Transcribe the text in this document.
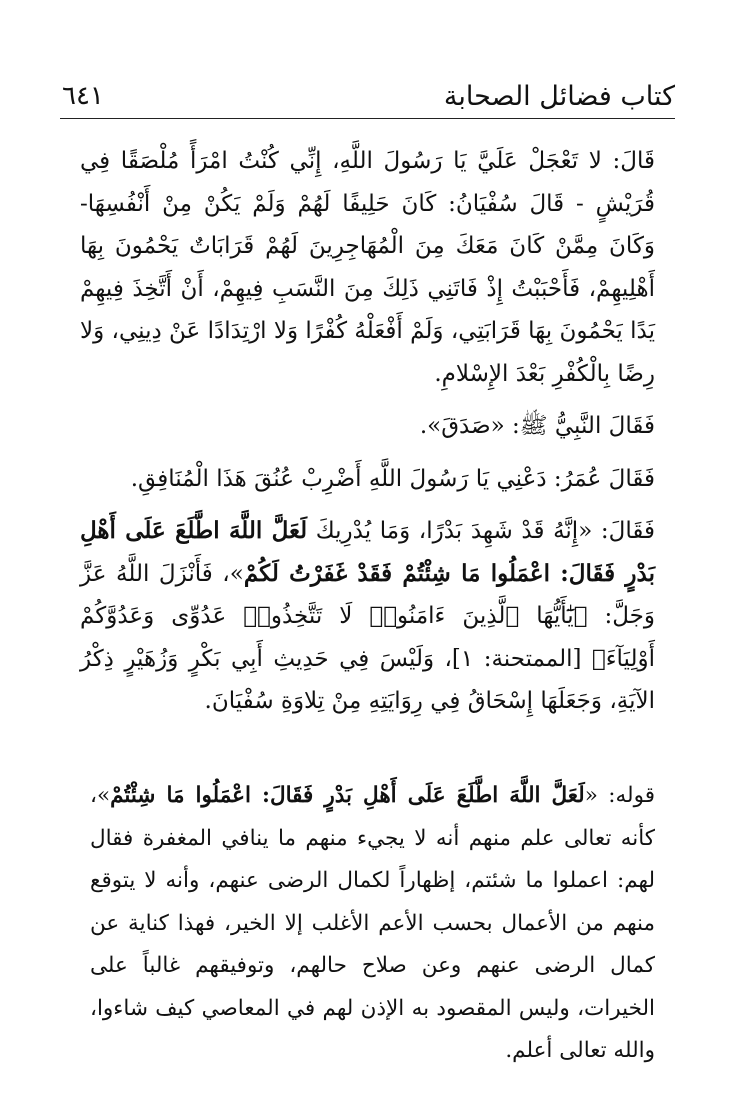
كتاب فضائل الصحابة
٦٤١

قَالَ: لا تَعْجَلْ عَلَيَّ يَا رَسُولَ اللَّهِ، إِنِّي كُنْتُ امْرَأً مُلْصَقًا فِي قُرَيْشٍ - قَالَ سُفْيَانُ: كَانَ حَلِيفًا لَهُمْ وَلَمْ يَكُنْ مِنْ أَنْفُسِهَا- وَكَانَ مِمَّنْ كَانَ مَعَكَ مِنَ الْمُهَاجِرِينَ لَهُمْ قَرَابَاتٌ يَحْمُونَ بِهَا أَهْلِيهِمْ، فَأَحْبَبْتُ إِذْ فَاتَنِي ذَلِكَ مِنَ النَّسَبِ فِيهِمْ، أَنْ أَتَّخِذَ فِيهِمْ يَدًا يَحْمُونَ بِهَا قَرَابَتِي، وَلَمْ أَفْعَلْهُ كُفْرًا وَلا ارْتِدَادًا عَنْ دِينِي، وَلا رِضًا بِالْكُفْرِ بَعْدَ الإِسْلامِ.

فَقَالَ النَّبِيُّ ﷺ: «صَدَقَ».

فَقَالَ عُمَرُ: دَعْنِي يَا رَسُولَ اللَّهِ أَضْرِبْ عُنُقَ هَذَا الْمُنَافِقِ.

فَقَالَ: «إِنَّهُ قَدْ شَهِدَ بَدْرًا، وَمَا يُدْرِيكَ لَعَلَّ اللَّهَ اطَّلَعَ عَلَى أَهْلِ بَدْرٍ فَقَالَ: اعْمَلُوا مَا شِئْتُمْ فَقَدْ غَفَرْتُ لَكُمْ»، فَأَنْزَلَ اللَّهُ عَزَّ وَجَلَّ: ﴿يَٰٓأَيُّهَا ٱلَّذِينَ ءَامَنُوا۟ لَا تَتَّخِذُوا۟ عَدُوِّى وَعَدُوَّكُمْ أَوْلِيَآءَ﴾ [الممتحنة: ١]، وَلَيْسَ فِي حَدِيثِ أَبِي بَكْرٍ وَزُهَيْرٍ ذِكْرُ الآيَةِ، وَجَعَلَهَا إِسْحَاقُ فِي رِوَايَتِهِ مِنْ تِلاوَةِ سُفْيَانَ.

قوله: «لَعَلَّ اللَّهَ اطَّلَعَ عَلَى أَهْلِ بَدْرٍ فَقَالَ: اعْمَلُوا مَا شِئْتُمْ»، كأنه تعالى علم منهم أنه لا يجيء منهم ما ينافي المغفرة فقال لهم: اعملوا ما شئتم، إظهاراً لكمال الرضى عنهم، وأنه لا يتوقع منهم من الأعمال بحسب الأعم الأغلب إلا الخير، فهذا كناية عن كمال الرضى عنهم وعن صلاح حالهم، وتوفيقهم غالباً على الخيرات، وليس المقصود به الإذن لهم في المعاصي كيف شاءوا، والله تعالى أعلم.
